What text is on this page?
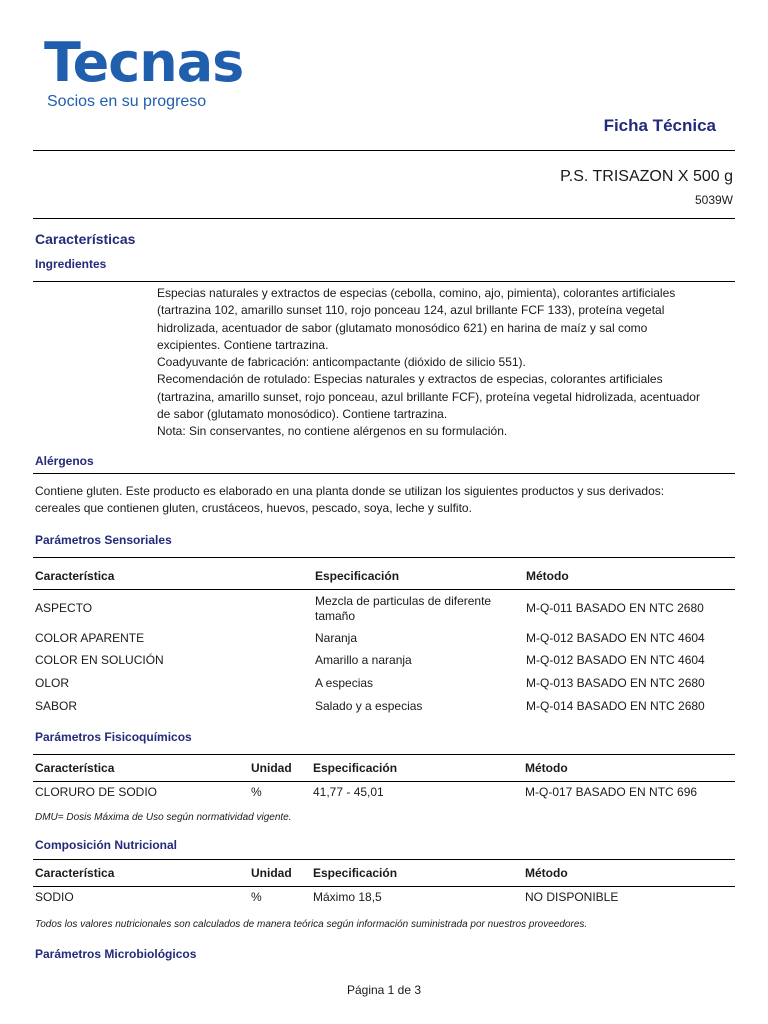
Tecnas
Socios en su progreso
Ficha Técnica
P.S. TRISAZON X 500 g
5039W
Características
Ingredientes
Especias naturales y extractos de especias (cebolla, comino, ajo, pimienta), colorantes artificiales
(tartrazina 102, amarillo sunset 110, rojo ponceau 124, azul brillante FCF 133), proteína vegetal
hidrolizada, acentuador de sabor (glutamato monosódico 621) en harina de maíz y sal como
excipientes. Contiene tartrazina.
Coadyuvante de fabricación: anticompactante (dióxido de silicio 551).
Recomendación de rotulado: Especias naturales y extractos de especias, colorantes artificiales
(tartrazina, amarillo sunset, rojo ponceau, azul brillante FCF), proteína vegetal hidrolizada, acentuador
de sabor (glutamato monosódico). Contiene tartrazina.
Nota: Sin conservantes, no contiene alérgenos en su formulación.
Alérgenos
Contiene gluten. Este producto es elaborado en una planta donde se utilizan los siguientes productos y sus derivados:
cereales que contienen gluten, crustáceos, huevos, pescado, soya, leche y sulfito.
Parámetros Sensoriales
Característica	Especificación	Método
ASPECTO	Mezcla de particulas de diferente tamaño	M-Q-011 BASADO EN NTC 2680
COLOR APARENTE	Naranja	M-Q-012 BASADO EN NTC 4604
COLOR EN SOLUCIÓN	Amarillo a naranja	M-Q-012 BASADO EN NTC 4604
OLOR	A especias	M-Q-013 BASADO EN NTC 2680
SABOR	Salado y a especias	M-Q-014 BASADO EN NTC 2680
Parámetros Fisicoquímicos
Característica	Unidad	Especificación	Método
CLORURO DE SODIO	%	41,77 - 45,01	M-Q-017 BASADO EN NTC 696
DMU= Dosis Máxima de Uso según normatividad vigente.
Composición Nutricional
Característica	Unidad	Especificación	Método
SODIO	%	Máximo 18,5	NO DISPONIBLE
Todos los valores nutricionales son calculados de manera teórica según información suministrada por nuestros proveedores.
Parámetros Microbiológicos
Página 1 de 3
